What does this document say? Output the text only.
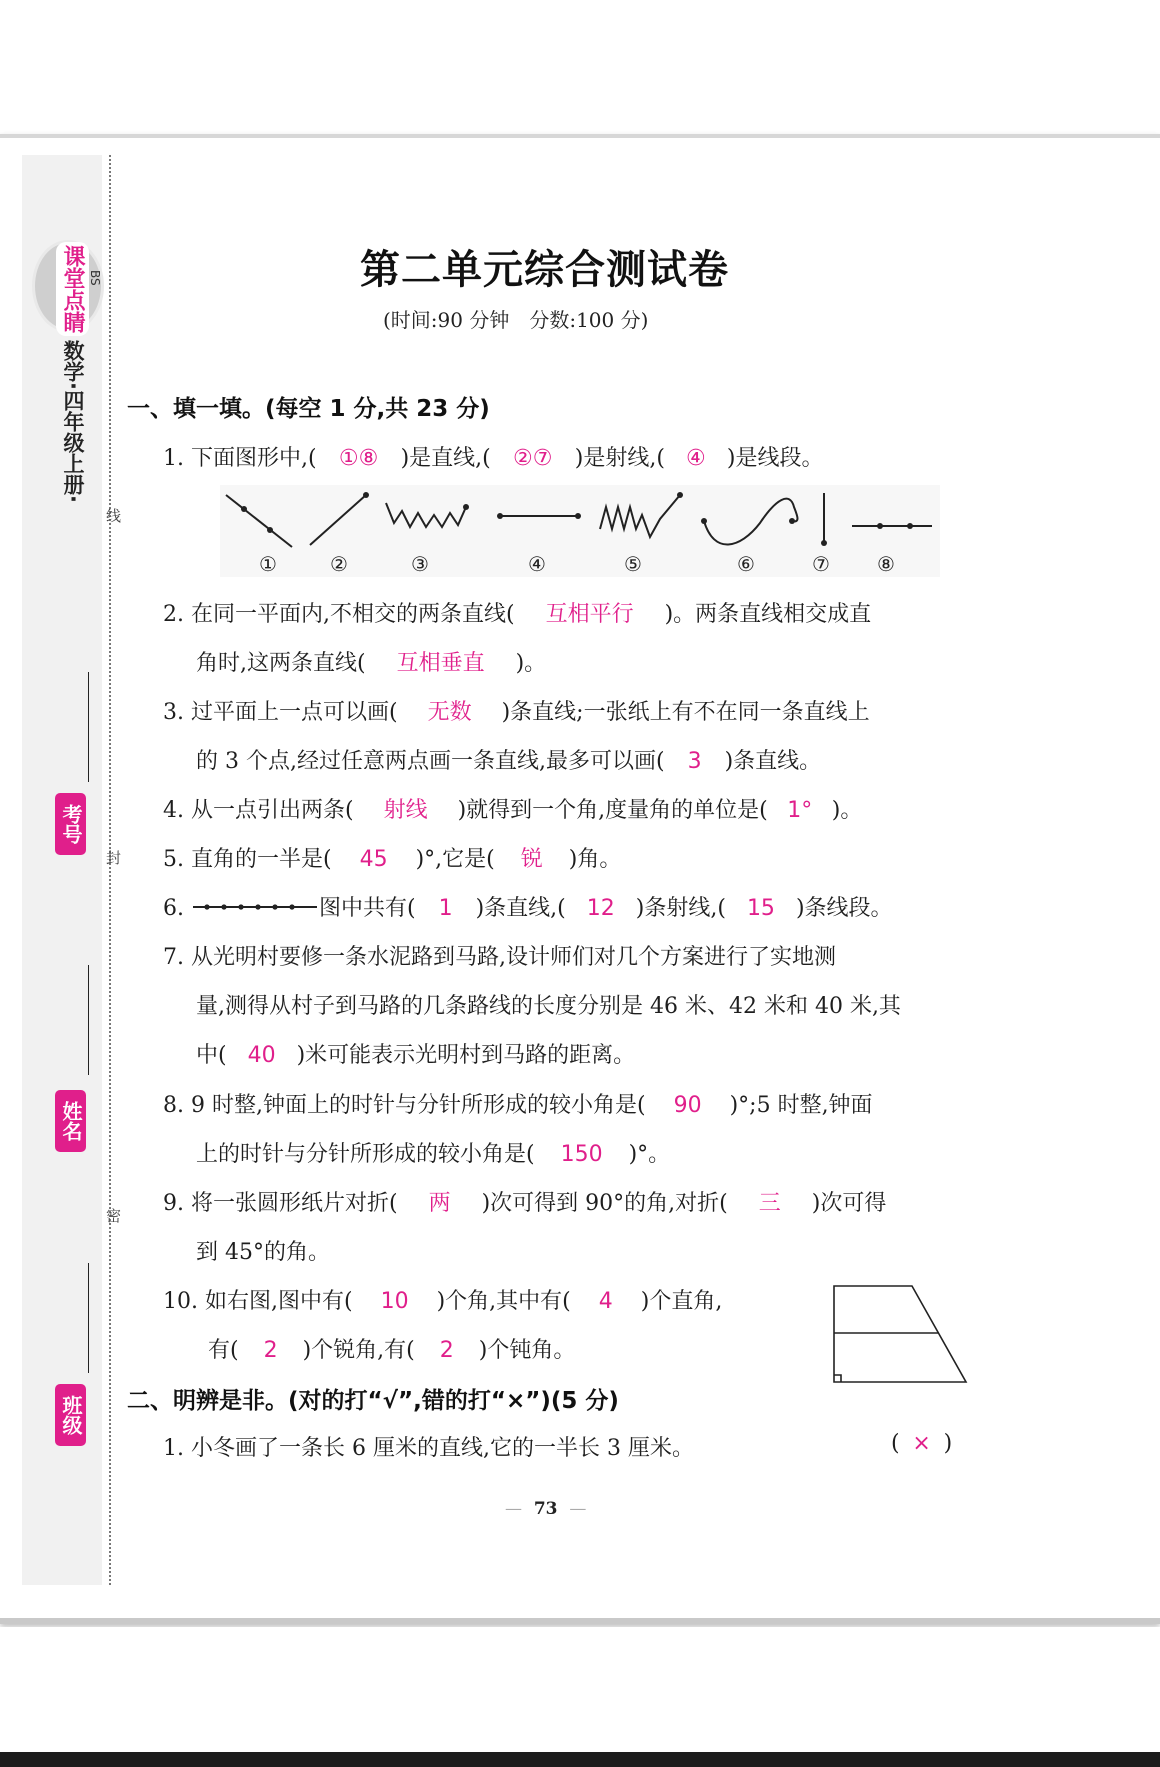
线
封
密
课堂点睛 BS
数学·四年级上册·
考号
姓名
班级
第二单元综合测试卷
(时间:90 分钟　分数:100 分)
一、填一填。(每空 1 分,共 23 分)
1. 下面图形中,( ①⑧ )是直线,( ②⑦ )是射线,( ④ )是线段。
①	②	③	④	⑤	⑥	⑦ ⑧
2. 在同一平面内,不相交的两条直线( 互相平行 )。两条直线相交成直
角时,这两条直线( 互相垂直 )。
3. 过平面上一点可以画( 无数 )条直线;一张纸上有不在同一条直线上
的 3 个点,经过任意两点画一条直线,最多可以画( 3 )条直线。
4. 从一点引出两条( 射线 )就得到一个角,度量角的单位是( 1° )。
5. 直角的一半是( 45 )°,它是( 锐 )角。
6.	图中共有( 1 )条直线,( 12 )条射线,( 15 )条线段。
7. 从光明村要修一条水泥路到马路,设计师们对几个方案进行了实地测
量,测得从村子到马路的几条路线的长度分别是 46 米、42 米和 40 米,其
中( 40 )米可能表示光明村到马路的距离。
8. 9 时整,钟面上的时针与分针所形成的较小角是( 90 )°;5 时整,钟面
上的时针与分针所形成的较小角是( 150 )°。
9. 将一张圆形纸片对折( 两 )次可得到 90°的角,对折( 三 )次可得
到 45°的角。
10. 如右图,图中有( 10 )个角,其中有( 4 )个直角,
有( 2 )个锐角,有( 2 )个钝角。
二、明辨是非。(对的打“√”,错的打“×”)(5 分)
1. 小冬画了一条长 6 厘米的直线,它的一半长 3 厘米。	( × )
— 73 —
